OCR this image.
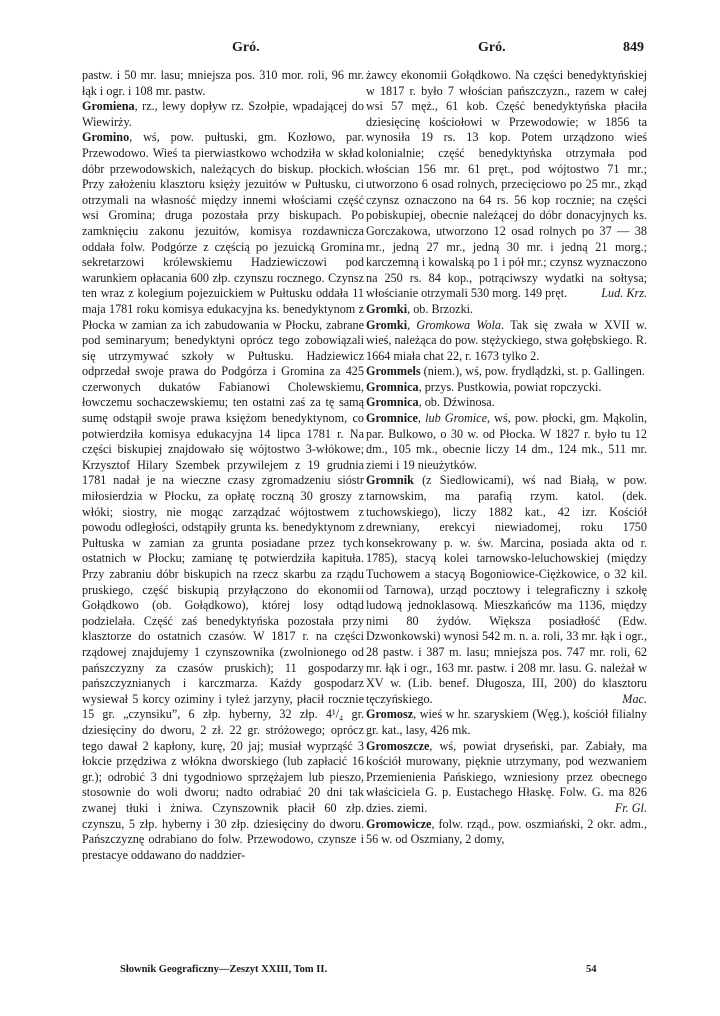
Gró.	Gró.	849

pastw. i 50 mr. lasu; mniejsza pos. 310 mor. roli, 96 mr. łąk i ogr. i 108 mr. pastw.

Gromiena, rz., lewy dopływ rz. Szołpie, wpadającej do Wiewirży.

Gromino, wś, pow. pułtuski, gm. Kozłowo, par. Przewodowo. Wieś ta pierwiastkowo wchodziła w skład dóbr przewodowskich, należących do biskup. płockich. Przy założeniu klasztoru księży jezuitów w Pułtusku, ci otrzymali na własność między innemi włościami część wsi Gromina; druga pozostała przy biskupach. Po zamknięciu zakonu jezuitów, komisya rozdawnicza oddała folw. Podgórze z częścią po jezuicką Gromina sekretarzowi królewskiemu Hadziewiczowi pod warunkiem opłacania 600 złp. czynszu rocznego. Czynsz ten wraz z kolegium pojezuickiem w Pułtusku oddała 11 maja 1781 roku komisya edukacyjna ks. benedyktynom z Płocka w zamian za ich zabudowania w Płocku, zabrane pod seminaryum; benedyktyni oprócz tego zobowiązali się utrzymywać szkoły w Pułtusku. Hadziewicz odprzedał swoje prawa do Podgórza i Gromina za 425 czerwonych dukatów Fabianowi Cholewskiemu, łowczemu sochaczewskiemu; ten ostatni zaś za tę samą sumę odstąpił swoje prawa księżom benedyktynom, co potwierdziła komisya edukacyjna 14 lipca 1781 r. Na części biskupiej znajdowało się wójtostwo 3-włókowe; Krzysztof Hilary Szembek przywilejem z 19 grudnia 1781 nadał je na wieczne czasy zgromadzeniu sióstr miłosierdzia w Płocku, za opłatę roczną 30 groszy z włóki; siostry, nie mogąc zarządzać wójtostwem z powodu odległości, odstąpiły grunta ks. benedyktynom z Pułtuska w zamian za grunta posiadane przez tych ostatnich w Płocku; zamianę tę potwierdziła kapituła. Przy zabraniu dóbr biskupich na rzecz skarbu za rządu pruskiego, część biskupią przyłączono do ekonomii Gołądkowo (ob. Gołądkowo), której losy odtąd podzielała. Część zaś benedyktyńska pozostała przy klasztorze do ostatnich czasów. W 1817 r. na części rządowej znajdujemy 1 czynszownika (zwolnionego od pańszczyzny za czasów pruskich); 11 gospodarzy pańszczyznianych i karczmarza. Każdy gospodarz wysiewał 5 korcy oziminy i tyleż jarzyny, płacił rocznie 15 gr. „czynsiku”, 6 złp. hyberny, 32 złp. 4¹/₄ gr. dziesięciny do dworu, 2 zł. 22 gr. stróżowego; oprócz tego dawał 2 kapłony, kurę, 20 jaj; musiał wyprząść 3 łokcie przędziwa z włókna dworskiego (lub zapłacić 16 gr.); odrobić 3 dni tygodniowo sprzężajem lub pieszo, stosownie do woli dworu; nadto odrabiać 20 dni tak zwanej tłuki i żniwa. Czynszownik płacił 60 złp. czynszu, 5 złp. hyberny i 30 złp. dziesięciny do dworu. Pańszczyznę odrabiano do folw. Przewodowo, czynsze i prestacye oddawano do naddzier-

żawcy ekonomii Gołądkowo. Na części benedyktyńskiej w 1817 r. było 7 włościan pańszczyzn., razem w całej wsi 57 męż., 61 kob. Część benedyktyńska płaciła dziesięcinę kościołowi w Przewodowie; w 1856 ta wynosiła 19 rs. 13 kop. Potem urządzono wieś kolonialnie; część benedyktyńska otrzymała pod włościan 156 mr. 61 pręt., pod wójtostwo 71 mr.; utworzono 6 osad rolnych, przecięciowo po 25 mr., zkąd czynsz oznaczono na 64 rs. 56 kop rocznie; na części pobiskupiej, obecnie należącej do dóbr donacyjnych ks. Gorczakowa, utworzono 12 osad rolnych po 37 — 38 mr., jedną 27 mr., jedną 30 mr. i jedną 21 morg.; karczemną i kowalską po 1 i pół mr.; czynsz wyznaczono na 250 rs. 84 kop., potrąciwszy wydatki na sołtysa; włościanie otrzymali 530 morg. 149 pręt.	Lud. Krz.

Gromki, ob. Brzozki.

Gromki, Gromkowa Wola. Tak się zwała w XVII w. wieś, należąca do pow. stężyckiego, stwa gołębskiego. R. 1664 miała chat 22, r. 1673 tylko 2.

Grommels (niem.), wś, pow. frydlądzki, st. p. Gallingen.

Gromnica, przys. Pustkowia, powiat ropczycki.

Gromnica, ob. Dźwinosa.

Gromnice, lub Gromice, wś, pow. płocki, gm. Mąkolin, par. Bulkowo, o 30 w. od Płocka. W 1827 r. było tu 12 dm., 105 mk., obecnie liczy 14 dm., 124 mk., 511 mr. ziemi i 19 nieużytków.

Gromnik (z Siedlowicami), wś nad Białą, w pow. tarnowskim, ma parafią rzym. katol. (dek. tuchowskiego), liczy 1882 kat., 42 izr. Kościół drewniany, erekcyi niewiadomej, roku 1750 konsekrowany p. w. św. Marcina, posiada akta od r. 1785), stacyą kolei tarnowsko-leluchowskiej (między Tuchowem a stacyą Bogoniowice-Ciężkowice, o 32 kil. od Tarnowa), urząd pocztowy i telegraficzny i szkołę ludową jednoklasową. Mieszkańców ma 1136, między nimi 80 żydów. Większa posiadłość (Edw. Dzwonkowski) wynosi 542 m. n. a. roli, 33 mr. łąk i ogr., 28 pastw. i 387 m. lasu; mniejsza pos. 747 mr. roli, 62 mr. łąk i ogr., 163 mr. pastw. i 208 mr. lasu. G. należał w XV w. (Lib. benef. Długosza, III, 200) do klasztoru tęczyńskiego.	Mac.

Gromosz, wieś w hr. szaryskiem (Węg.), kościół filialny gr. kat., lasy, 426 mk.

Gromoszcze, wś, powiat dryseński, par. Zabiały, ma kościół murowany, pięknie utrzymany, pod wezwaniem Przemienienia Pańskiego, wzniesiony przez obecnego właściciela G. p. Eustachego Hłaskę. Folw. G. ma 826 dzies. ziemi.	Fr. Gl.

Gromowicze, folw. rząd., pow. oszmiański, 2 okr. adm., 56 w. od Oszmiany, 2 domy,

Słownik Geograficzny—Zeszyt XXIII, Tom II.	54
